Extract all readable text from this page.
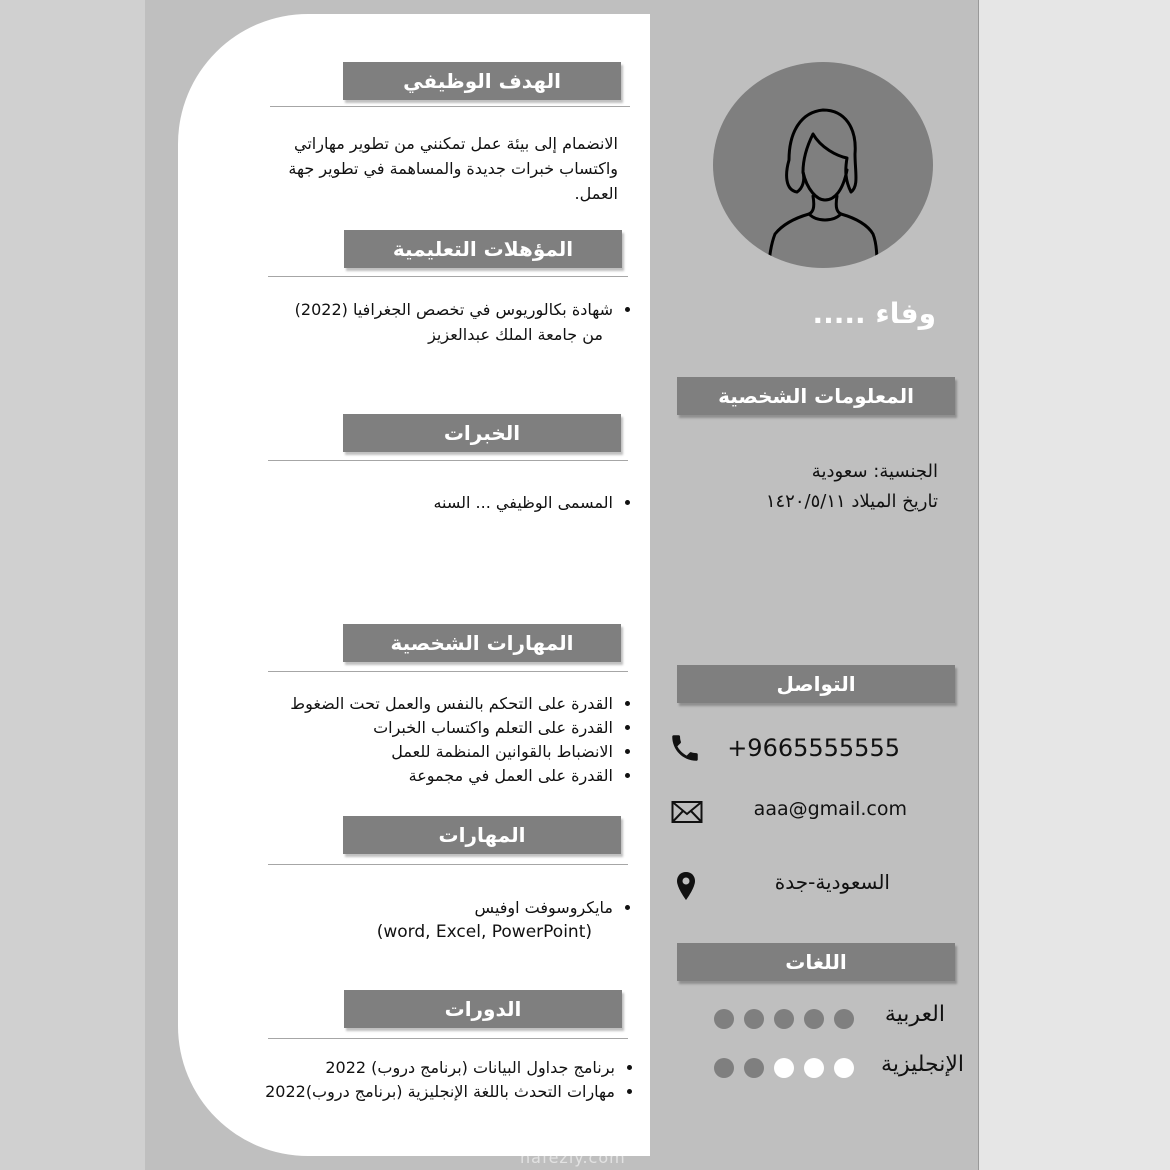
الهدف الوظيفي
الانضمام إلى بيئة عمل تمكنني من تطوير مهاراتي واكتساب خبرات جديدة والمساهمة في تطوير جهة العمل.
المؤهلات التعليمية
• شهادة بكالوريوس في تخصص الجغرافيا (2022)
من جامعة الملك عبدالعزيز
الخبرات
• المسمى الوظيفي ... السنه
المهارات الشخصية
• القدرة على التحكم بالنفس والعمل تحت الضغوط
• القدرة على التعلم واكتساب الخبرات
• الانضباط بالقوانين المنظمة للعمل
• القدرة على العمل في مجموعة
المهارات
• مايكروسوفت اوفيس
(word, Excel, PowerPoint)
الدورات
• برنامج جداول البيانات (برنامج دروب) 2022
• مهارات التحدث باللغة الإنجليزية (برنامج دروب)2022
وفاء .....
المعلومات الشخصية
الجنسية: سعودية
تاريخ الميلاد ١٤٢٠/٥/١١
التواصل
+9665555555
aaa@gmail.com
السعودية-جدة
اللغات
العربية
الإنجليزية
نفذلي
nafezly.com
